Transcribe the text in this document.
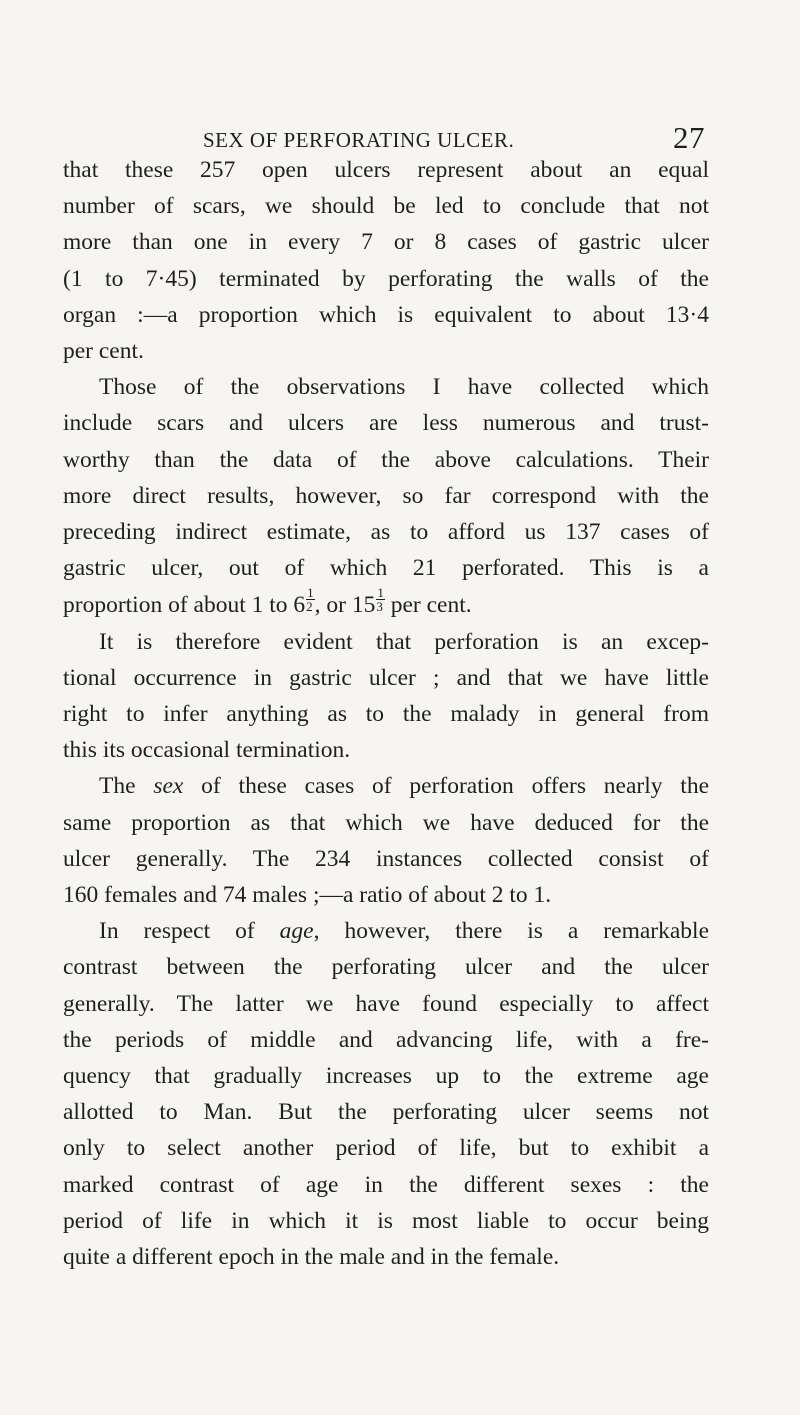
SEX OF PERFORATING ULCER.	27
that these 257 open ulcers represent about an equal
number of scars, we should be led to conclude that not
more than one in every 7 or 8 cases of gastric ulcer
(1 to 7·45) terminated by perforating the walls of the
organ :—a proportion which is equivalent to about 13·4
per cent.
Those of the observations I have collected which
include scars and ulcers are less numerous and trust-
worthy than the data of the above calculations. Their
more direct results, however, so far correspond with the
preceding indirect estimate, as to afford us 137 cases of
gastric ulcer, out of which 21 perforated. This is a
proportion of about 1 to $6 \frac{1}{2}$ , or $15 \frac{1}{3}$ per cent.
It is therefore evident that perforation is an excep-
tional occurrence in gastric ulcer ; and that we have little
right to infer anything as to the malady in general from
this its occasional termination.
The sex of these cases of perforation offers nearly the
same proportion as that which we have deduced for the
ulcer generally. The 234 instances collected consist of
160 females and 74 males ;—a ratio of about 2 to 1.
In respect of age, however, there is a remarkable
contrast between the perforating ulcer and the ulcer
generally. The latter we have found especially to affect
the periods of middle and advancing life, with a fre-
quency that gradually increases up to the extreme age
allotted to Man. But the perforating ulcer seems not
only to select another period of life, but to exhibit a
marked contrast of age in the different sexes : the
period of life in which it is most liable to occur being
quite a different epoch in the male and in the female.
